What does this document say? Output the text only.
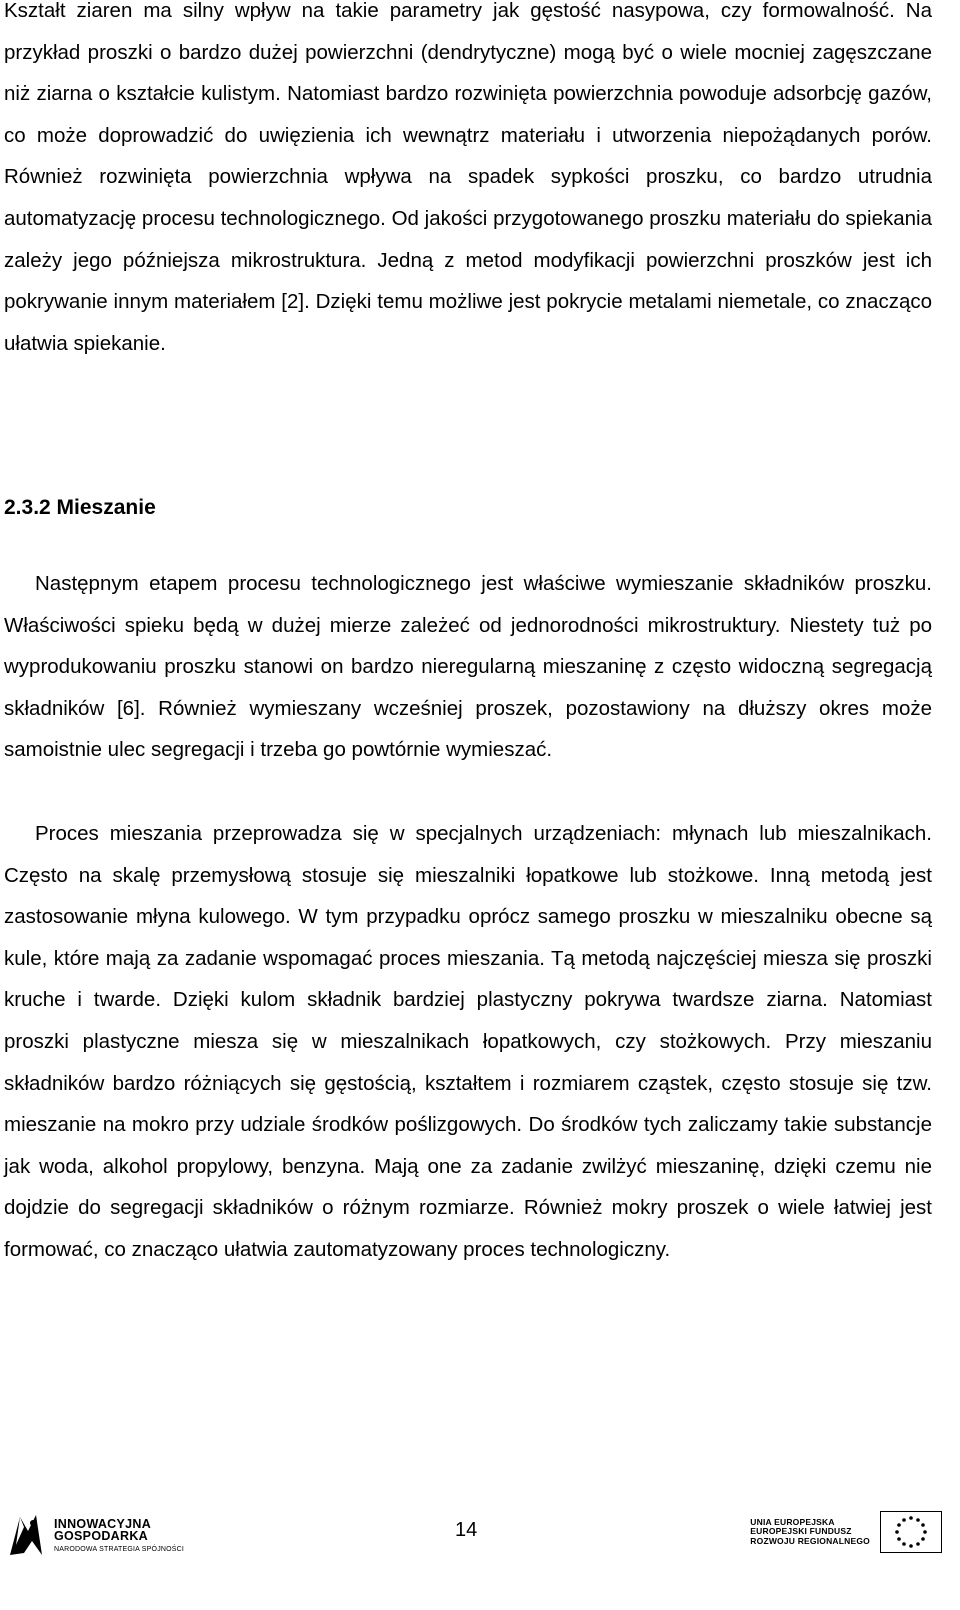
Kształt ziaren ma silny wpływ na takie parametry jak gęstość nasypowa, czy formowalność. Na przykład proszki o bardzo dużej powierzchni (dendrytyczne) mogą być o wiele mocniej zagęszczane niż ziarna o kształcie kulistym. Natomiast bardzo rozwinięta powierzchnia powoduje adsorbcję gazów, co może doprowadzić do uwięzienia ich wewnątrz materiału i utworzenia niepożądanych porów. Również rozwinięta powierzchnia wpływa na spadek sypkości proszku, co bardzo utrudnia automatyzację procesu technologicznego. Od jakości przygotowanego proszku materiału do spiekania zależy jego późniejsza mikrostruktura. Jedną z metod modyfikacji powierzchni proszków jest ich pokrywanie innym materiałem [2]. Dzięki temu możliwe jest pokrycie metalami niemetale, co znacząco ułatwia spiekanie.

2.3.2 Mieszanie

Następnym etapem procesu technologicznego jest właściwe wymieszanie składników proszku. Właściwości spieku będą w dużej mierze zależeć od jednorodności mikrostruktury. Niestety tuż po wyprodukowaniu proszku stanowi on bardzo nieregularną mieszaninę z często widoczną segregacją składników [6]. Również wymieszany wcześniej proszek, pozostawiony na dłuższy okres może samoistnie ulec segregacji i trzeba go powtórnie wymieszać.

Proces mieszania przeprowadza się w specjalnych urządzeniach: młynach lub mieszalnikach. Często na skalę przemysłową stosuje się mieszalniki łopatkowe lub stożkowe. Inną metodą jest zastosowanie młyna kulowego. W tym przypadku oprócz samego proszku w mieszalniku obecne są kule, które mają za zadanie wspomagać proces mieszania. Tą metodą najczęściej miesza się proszki kruche i twarde. Dzięki kulom składnik bardziej plastyczny pokrywa twardsze ziarna. Natomiast proszki plastyczne miesza się w mieszalnikach łopatkowych, czy stożkowych. Przy mieszaniu składników bardzo różniących się gęstością, kształtem i rozmiarem cząstek, często stosuje się tzw. mieszanie na mokro przy udziale środków poślizgowych. Do środków tych zaliczamy takie substancje jak woda, alkohol propylowy, benzyna. Mają one za zadanie zwilżyć mieszaninę, dzięki czemu nie dojdzie do segregacji składników o różnym rozmiarze. Również mokry proszek o wiele łatwiej jest formować, co znacząco ułatwia zautomatyzowany proces technologiczny.

INNOWACYJNA
GOSPODARKA
NARODOWA STRATEGIA SPÓJNOŚCI
14	UNIA EUROPEJSKA
EUROPEJSKI FUNDUSZ
ROZWOJU REGIONALNEGO
